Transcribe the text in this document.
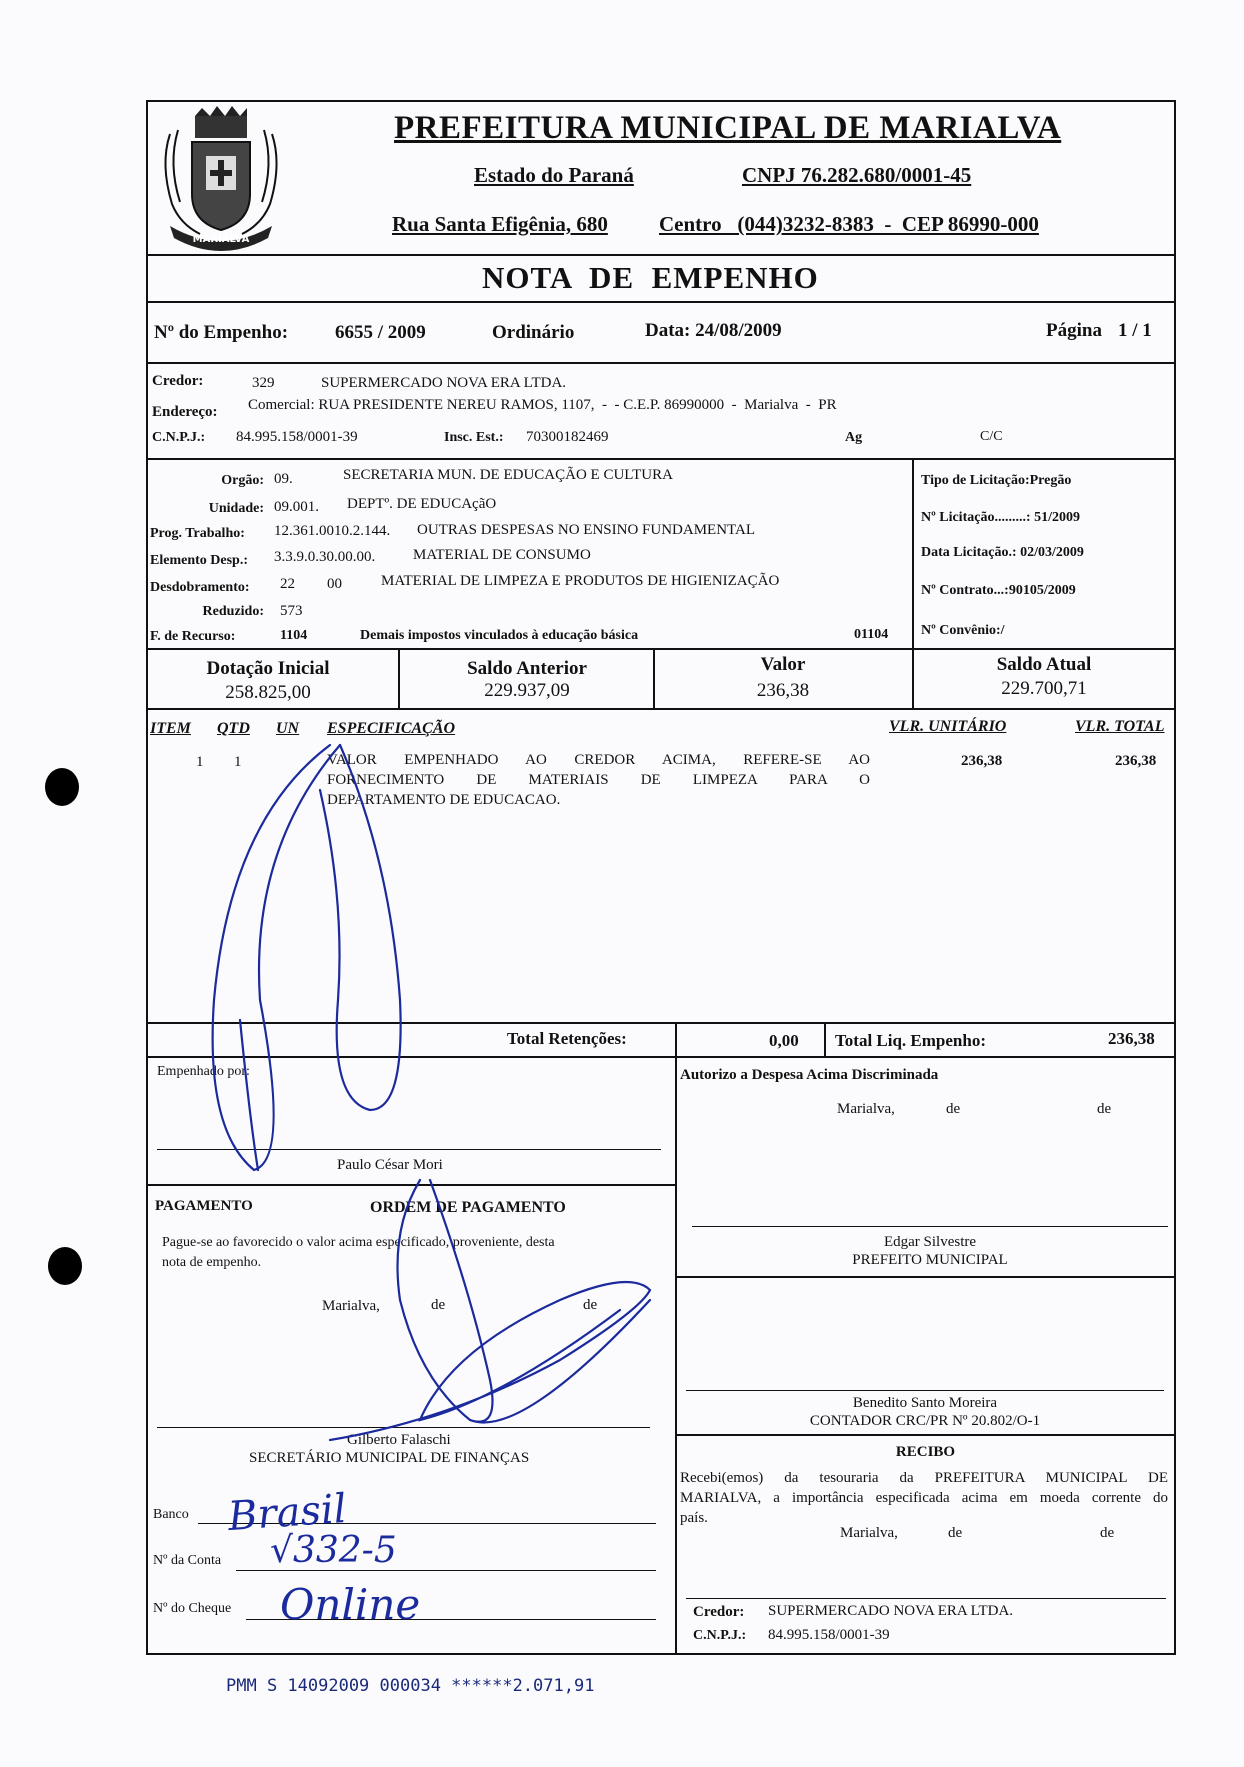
MARIALVA
PREFEITURA MUNICIPAL DE MARIALVA
Estado do Paraná	CNPJ 76.282.680/0001-45
Rua Santa Efigênia, 680 Centro   (044)3232-8383  -  CEP 86990-000
NOTA  DE  EMPENHO
Nº do Empenho: 6655 / 2009	Ordinário	Data: 24/08/2009	Página 1 / 1
Credor:	329	SUPERMERCADO NOVA ERA LTDA.
Endereço: Comercial: RUA PRESIDENTE NEREU RAMOS, 1107,  -  - C.E.P. 86990000  -  Marialva  -  PR
C.N.P.J.: 84.995.158/0001-39	Insc. Est.: 70300182469	Ag	C/C
Orgão: 09.	SECRETARIA MUN. DE EDUCAÇÃO E CULTURA
Unidade: 09.001. DEPTº. DE EDUCAçãO
Prog. Trabalho: 12.361.0010.2.144. OUTRAS DESPESAS NO ENSINO FUNDAMENTAL
Elemento Desp.: 3.3.9.0.30.00.00.	MATERIAL DE CONSUMO
Desdobramento: 22 00	MATERIAL DE LIMPEZA E PRODUTOS DE HIGIENIZAÇÃO
Reduzido: 573
F. de Recurso:	1104	Demais impostos vinculados à educação básica	01104
Tipo de Licitação:Pregão
Nº Licitação.........: 51/2009
Data Licitação.: 02/03/2009
Nº Contrato...:90105/2009
Nº Convênio:/
Dotação Inicial
258.825,00
Saldo Anterior
229.937,09
Valor
236,38
Saldo Atual
229.700,71
ITEM QTD UN ESPECIFICAÇÃO	VLR. UNITÁRIO	VLR. TOTAL
1 1	VALOR EMPENHADO AO CREDOR ACIMA, REFERE-SE AO
FORNECIMENTO DE MATERIAIS DE LIMPEZA PARA O
DEPARTAMENTO DE EDUCACAO.
236,38	236,38
Total Retenções:	0,00 Total Liq. Empenho:	236,38
Empenhado por:
Paulo César Mori
PAGAMENTO	ORDEM DE PAGAMENTO
Pague-se ao favorecido o valor acima especificado, proveniente, desta
nota de empenho.
Marialva,	de	de
Gilberto Falaschi
SECRETÁRIO MUNICIPAL DE FINANÇAS
Banco
Nº da Conta
Nº do Cheque
Brasil
√332-5
Online
Autorizo a Despesa Acima Discriminada
Marialva,	de	de
Edgar Silvestre
PREFEITO MUNICIPAL
Benedito Santo Moreira
CONTADOR CRC/PR Nº 20.802/O-1
RECIBO
Recebi(emos) da tesouraria da PREFEITURA MUNICIPAL DE
MARIALVA, a importância especificada acima em moeda corrente do
país.
Marialva,	de	de
Credor: SUPERMERCADO NOVA ERA LTDA.
C.N.P.J.: 84.995.158/0001-39
PMM S 14092009 000034 ******2.071,91
